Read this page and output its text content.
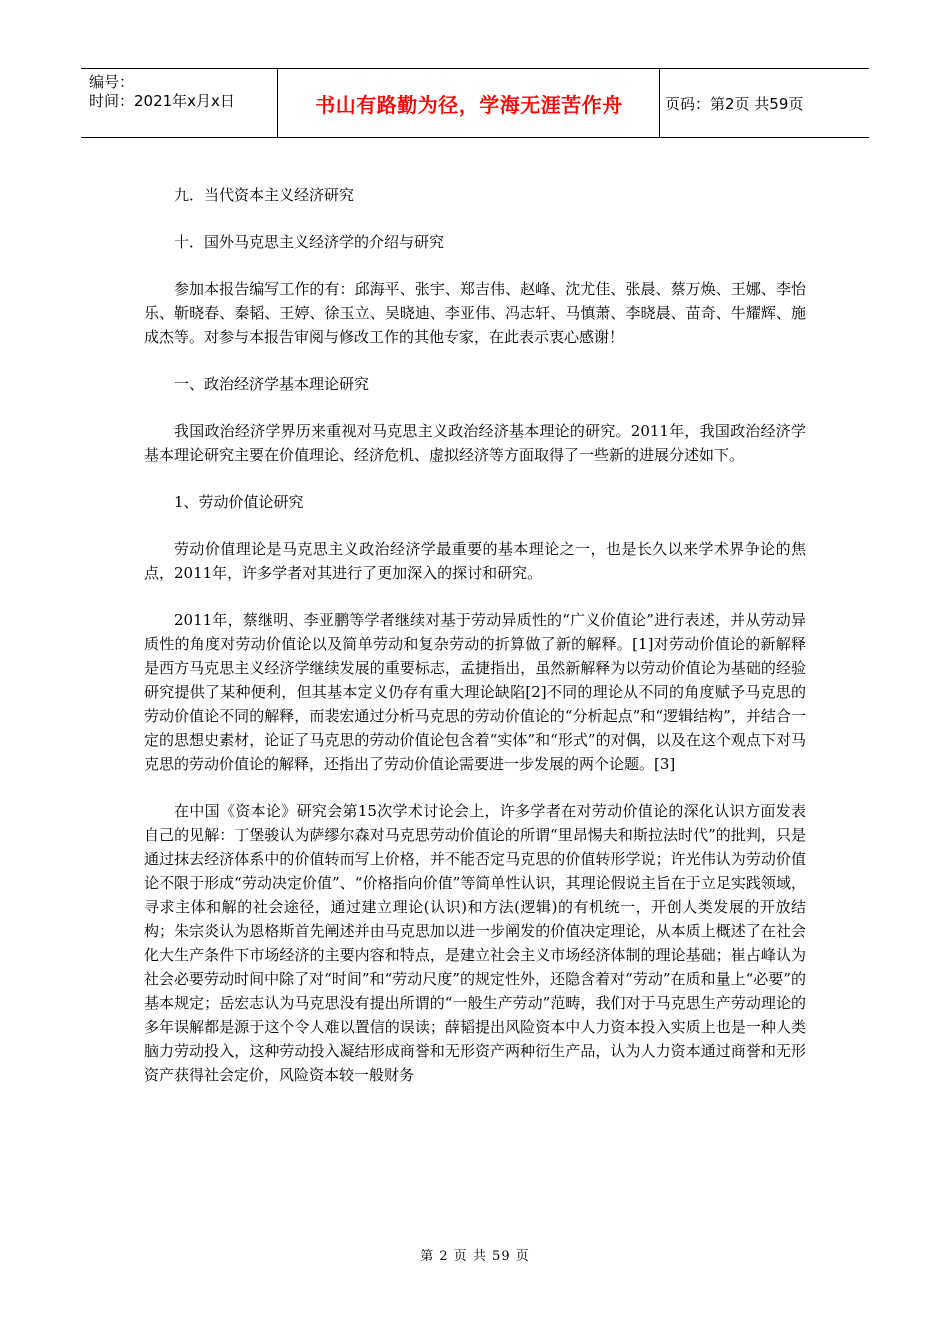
编号：
时间：2021年x月x日	书山有路勤为径，学海无涯苦作舟	页码：第2页 共59页

九．当代资本主义经济研究

十．国外马克思主义经济学的介绍与研究

参加本报告编写工作的有：邱海平、张宇、郑吉伟、赵峰、沈尤佳、张晨、蔡万焕、王娜、李怡乐、靳晓春、秦韬、王婷、徐玉立、吴晓迪、李亚伟、冯志轩、马慎萧、李晓晨、苗奇、牛耀辉、施成杰等。对参与本报告审阅与修改工作的其他专家，在此表示衷心感谢！

一、政治经济学基本理论研究

我国政治经济学界历来重视对马克思主义政治经济基本理论的研究。2011年，我国政治经济学基本理论研究主要在价值理论、经济危机、虚拟经济等方面取得了一些新的进展分述如下。

1、劳动价值论研究

劳动价值理论是马克思主义政治经济学最重要的基本理论之一，也是长久以来学术界争论的焦点，2011年，许多学者对其进行了更加深入的探讨和研究。

2011年，蔡继明、李亚鹏等学者继续对基于劳动异质性的“广义价值论”进行表述，并从劳动异质性的角度对劳动价值论以及简单劳动和复杂劳动的折算做了新的解释。[1]对劳动价值论的新解释是西方马克思主义经济学继续发展的重要标志，孟捷指出，虽然新解释为以劳动价值论为基础的经验研究提供了某种便利，但其基本定义仍存有重大理论缺陷[2]不同的理论从不同的角度赋予马克思的劳动价值论不同的解释，而裴宏通过分析马克思的劳动价值论的“分析起点”和“逻辑结构”，并结合一定的思想史素材，论证了马克思的劳动价值论包含着“实体”和“形式”的对偶，以及在这个观点下对马克思的劳动价值论的解释，还指出了劳动价值论需要进一步发展的两个论题。[3]

在中国《资本论》研究会第15次学术讨论会上，许多学者在对劳动价值论的深化认识方面发表自己的见解：丁堡骏认为萨缪尔森对马克思劳动价值论的所谓“里昂惕夫和斯拉法时代”的批判，只是通过抹去经济体系中的价值转而写上价格，并不能否定马克思的价值转形学说；许光伟认为劳动价值论不限于形成“劳动决定价值”、“价格指向价值”等简单性认识，其理论假说主旨在于立足实践领域，寻求主体和解的社会途径，通过建立理论(认识)和方法(逻辑)的有机统一，开创人类发展的开放结构；朱宗炎认为恩格斯首先阐述并由马克思加以进一步阐发的价值决定理论，从本质上概述了在社会化大生产条件下市场经济的主要内容和特点，是建立社会主义市场经济体制的理论基础；崔占峰认为社会必要劳动时间中除了对“时间”和“劳动尺度”的规定性外，还隐含着对“劳动”在质和量上“必要”的基本规定；岳宏志认为马克思没有提出所谓的“一般生产劳动”范畴，我们对于马克思生产劳动理论的多年误解都是源于这个令人难以置信的误读；薛韬提出风险资本中人力资本投入实质上也是一种人类脑力劳动投入，这种劳动投入凝结形成商誉和无形资产两种衍生产品，认为人力资本通过商誉和无形资产获得社会定价，风险资本较一般财务

第 2 页 共 59 页
